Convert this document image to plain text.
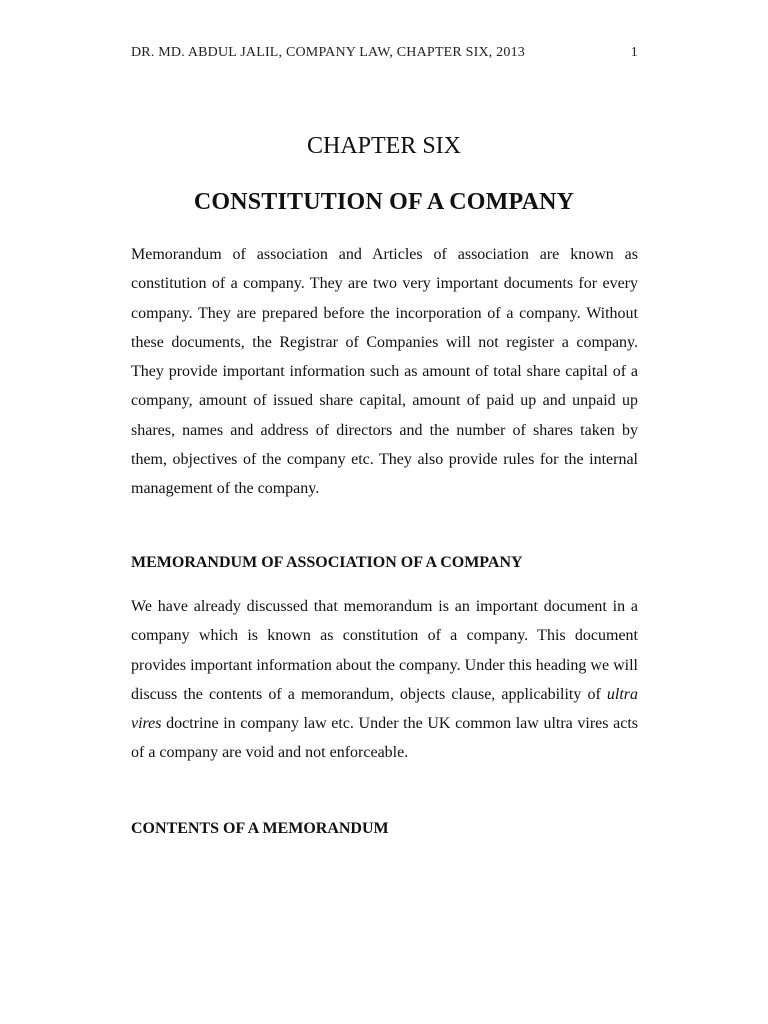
DR. MD. ABDUL JALIL, COMPANY LAW, CHAPTER SIX, 2013	1
CHAPTER SIX
CONSTITUTION OF A COMPANY

Memorandum of association and Articles of association are known as constitution of a company. They are two very important documents for every company. They are prepared before the incorporation of a company. Without these documents, the Registrar of Companies will not register a company. They provide important information such as amount of total share capital of a company, amount of issued share capital, amount of paid up and unpaid up shares, names and address of directors and the number of shares taken by them, objectives of the company etc. They also provide rules for the internal management of the company.

MEMORANDUM OF ASSOCIATION OF A COMPANY

We have already discussed that memorandum is an important document in a company which is known as constitution of a company. This document provides important information about the company. Under this heading we will discuss the contents of a memorandum, objects clause, applicability of ultra vires doctrine in company law etc. Under the UK common law ultra vires acts of a company are void and not enforceable.

CONTENTS OF A MEMORANDUM
